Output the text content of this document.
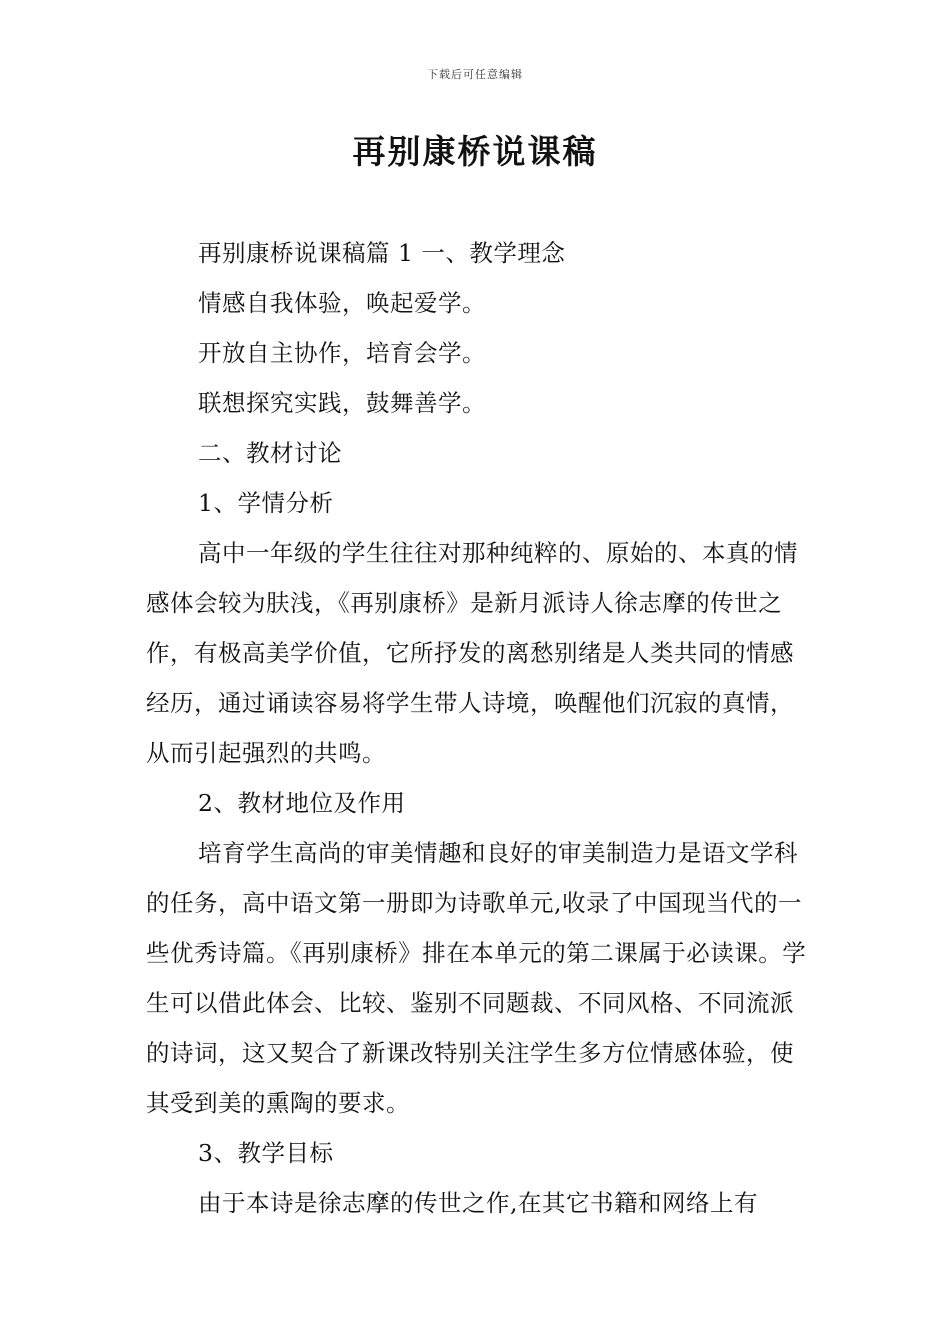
下载后可任意编辑
再别康桥说课稿

再别康桥说课稿篇 1 一、教学理念

情感自我体验，唤起爱学。

开放自主协作，培育会学。

联想探究实践，鼓舞善学。

二、教材讨论

1、学情分析

高中一年级的学生往往对那种纯粹的、原始的、本真的情感体会较为肤浅，《再别康桥》是新月派诗人徐志摩的传世之作，有极高美学价值，它所抒发的离愁别绪是人类共同的情感经历，通过诵读容易将学生带人诗境，唤醒他们沉寂的真情，从而引起强烈的共鸣。

2、教材地位及作用

培育学生高尚的审美情趣和良好的审美制造力是语文学科的任务，高中语文第一册即为诗歌单元,收录了中国现当代的一些优秀诗篇。《再别康桥》排在本单元的第二课属于必读课。学生可以借此体会、比较、鉴别不同题裁、不同风格、不同流派的诗词，这又契合了新课改特别关注学生多方位情感体验，使其受到美的熏陶的要求。

3、教学目标

由于本诗是徐志摩的传世之作,在其它书籍和网络上有
